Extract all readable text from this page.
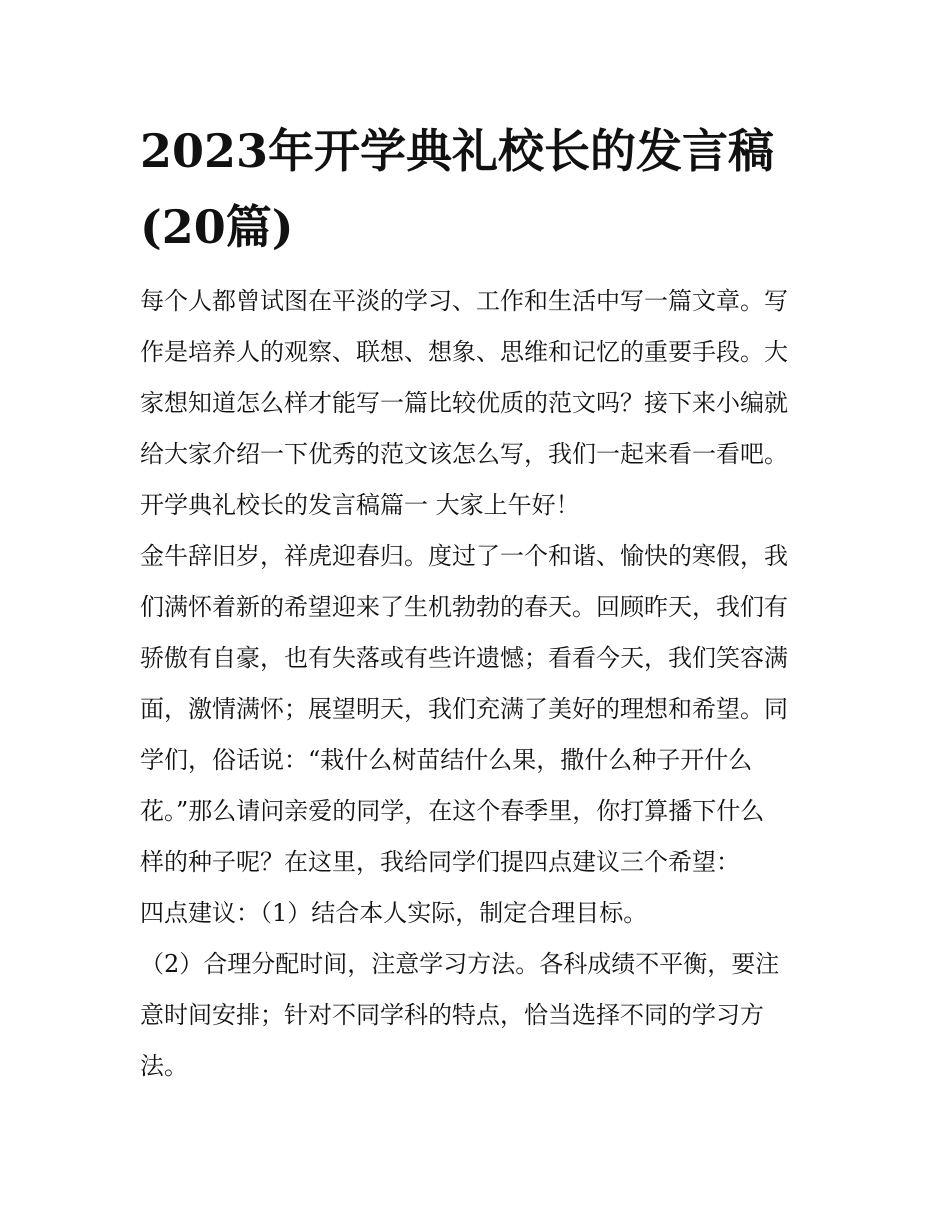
2023年开学典礼校长的发言稿
(20篇)
每个人都曾试图在平淡的学习、工作和生活中写一篇文章。写
作是培养人的观察、联想、想象、思维和记忆的重要手段。大
家想知道怎么样才能写一篇比较优质的范文吗？接下来小编就
给大家介绍一下优秀的范文该怎么写，我们一起来看一看吧。
开学典礼校长的发言稿篇一 大家上午好！
金牛辞旧岁，祥虎迎春归。度过了一个和谐、愉快的寒假，我
们满怀着新的希望迎来了生机勃勃的春天。回顾昨天，我们有
骄傲有自豪，也有失落或有些许遗憾；看看今天，我们笑容满
面，激情满怀；展望明天，我们充满了美好的理想和希望。同
学们，俗话说：“栽什么树苗结什么果，撒什么种子开什么
花。”那么请问亲爱的同学，在这个春季里，你打算播下什么
样的种子呢？在这里，我给同学们提四点建议三个希望：
四点建议：（1）结合本人实际，制定合理目标。
（2）合理分配时间，注意学习方法。各科成绩不平衡，要注
意时间安排；针对不同学科的特点，恰当选择不同的学习方
法。
